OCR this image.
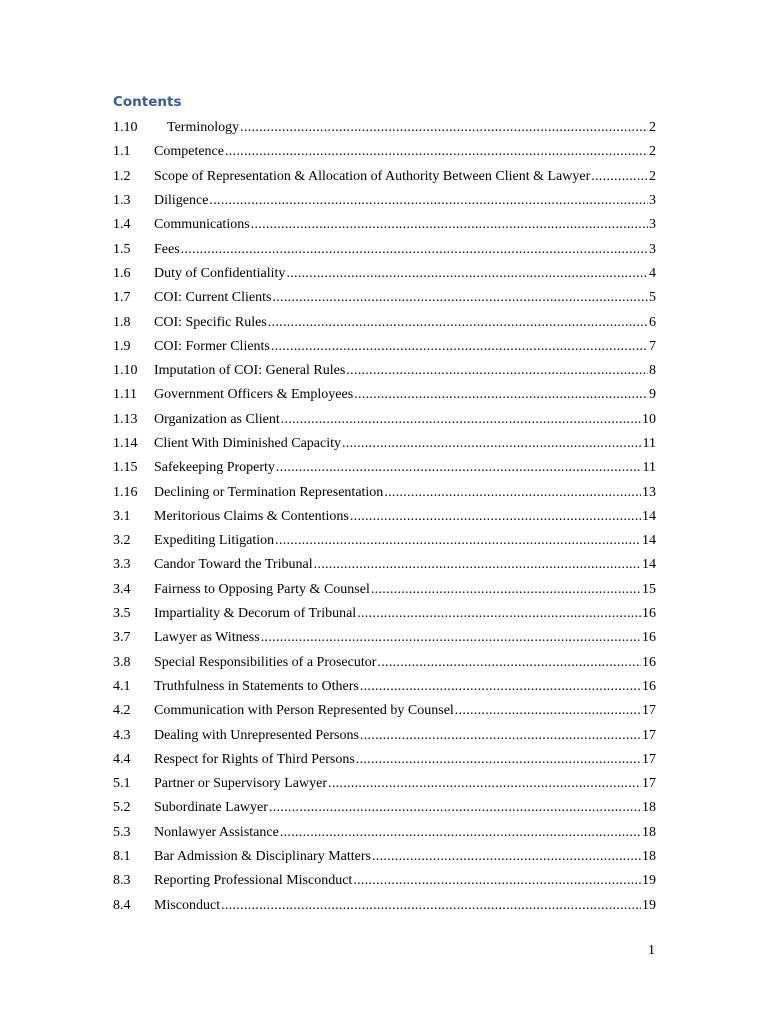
Contents
1.10	Terminology .....	2
1.1	Competence .....	2
1.2	Scope of Representation & Allocation of Authority Between Client & Lawyer .....	2
1.3	Diligence .....	3
1.4	Communications .....	3
1.5	Fees .....	3
1.6	Duty of Confidentiality .....	4
1.7	COI: Current Clients .....	5
1.8	COI: Specific Rules .....	6
1.9	COI: Former Clients .....	7
1.10	Imputation of COI: General Rules .....	8
1.11	Government Officers & Employees .....	9
1.13	Organization as Client .....	10
1.14	Client With Diminished Capacity .....	11
1.15	Safekeeping Property .....	11
1.16	Declining or Termination Representation .....	13
3.1	Meritorious Claims & Contentions .....	14
3.2	Expediting Litigation .....	14
3.3	Candor Toward the Tribunal .....	14
3.4	Fairness to Opposing Party & Counsel .....	15
3.5	Impartiality & Decorum of Tribunal .....	16
3.7	Lawyer as Witness .....	16
3.8	Special Responsibilities of a Prosecutor .....	16
4.1	Truthfulness in Statements to Others .....	16
4.2	Communication with Person Represented by Counsel .....	17
4.3	Dealing with Unrepresented Persons .....	17
4.4	Respect for Rights of Third Persons .....	17
5.1	Partner or Supervisory Lawyer .....	17
5.2	Subordinate Lawyer .....	18
5.3	Nonlawyer Assistance .....	18
8.1	Bar Admission & Disciplinary Matters .....	18
8.3	Reporting Professional Misconduct .....	19
8.4	Misconduct .....	19
1
